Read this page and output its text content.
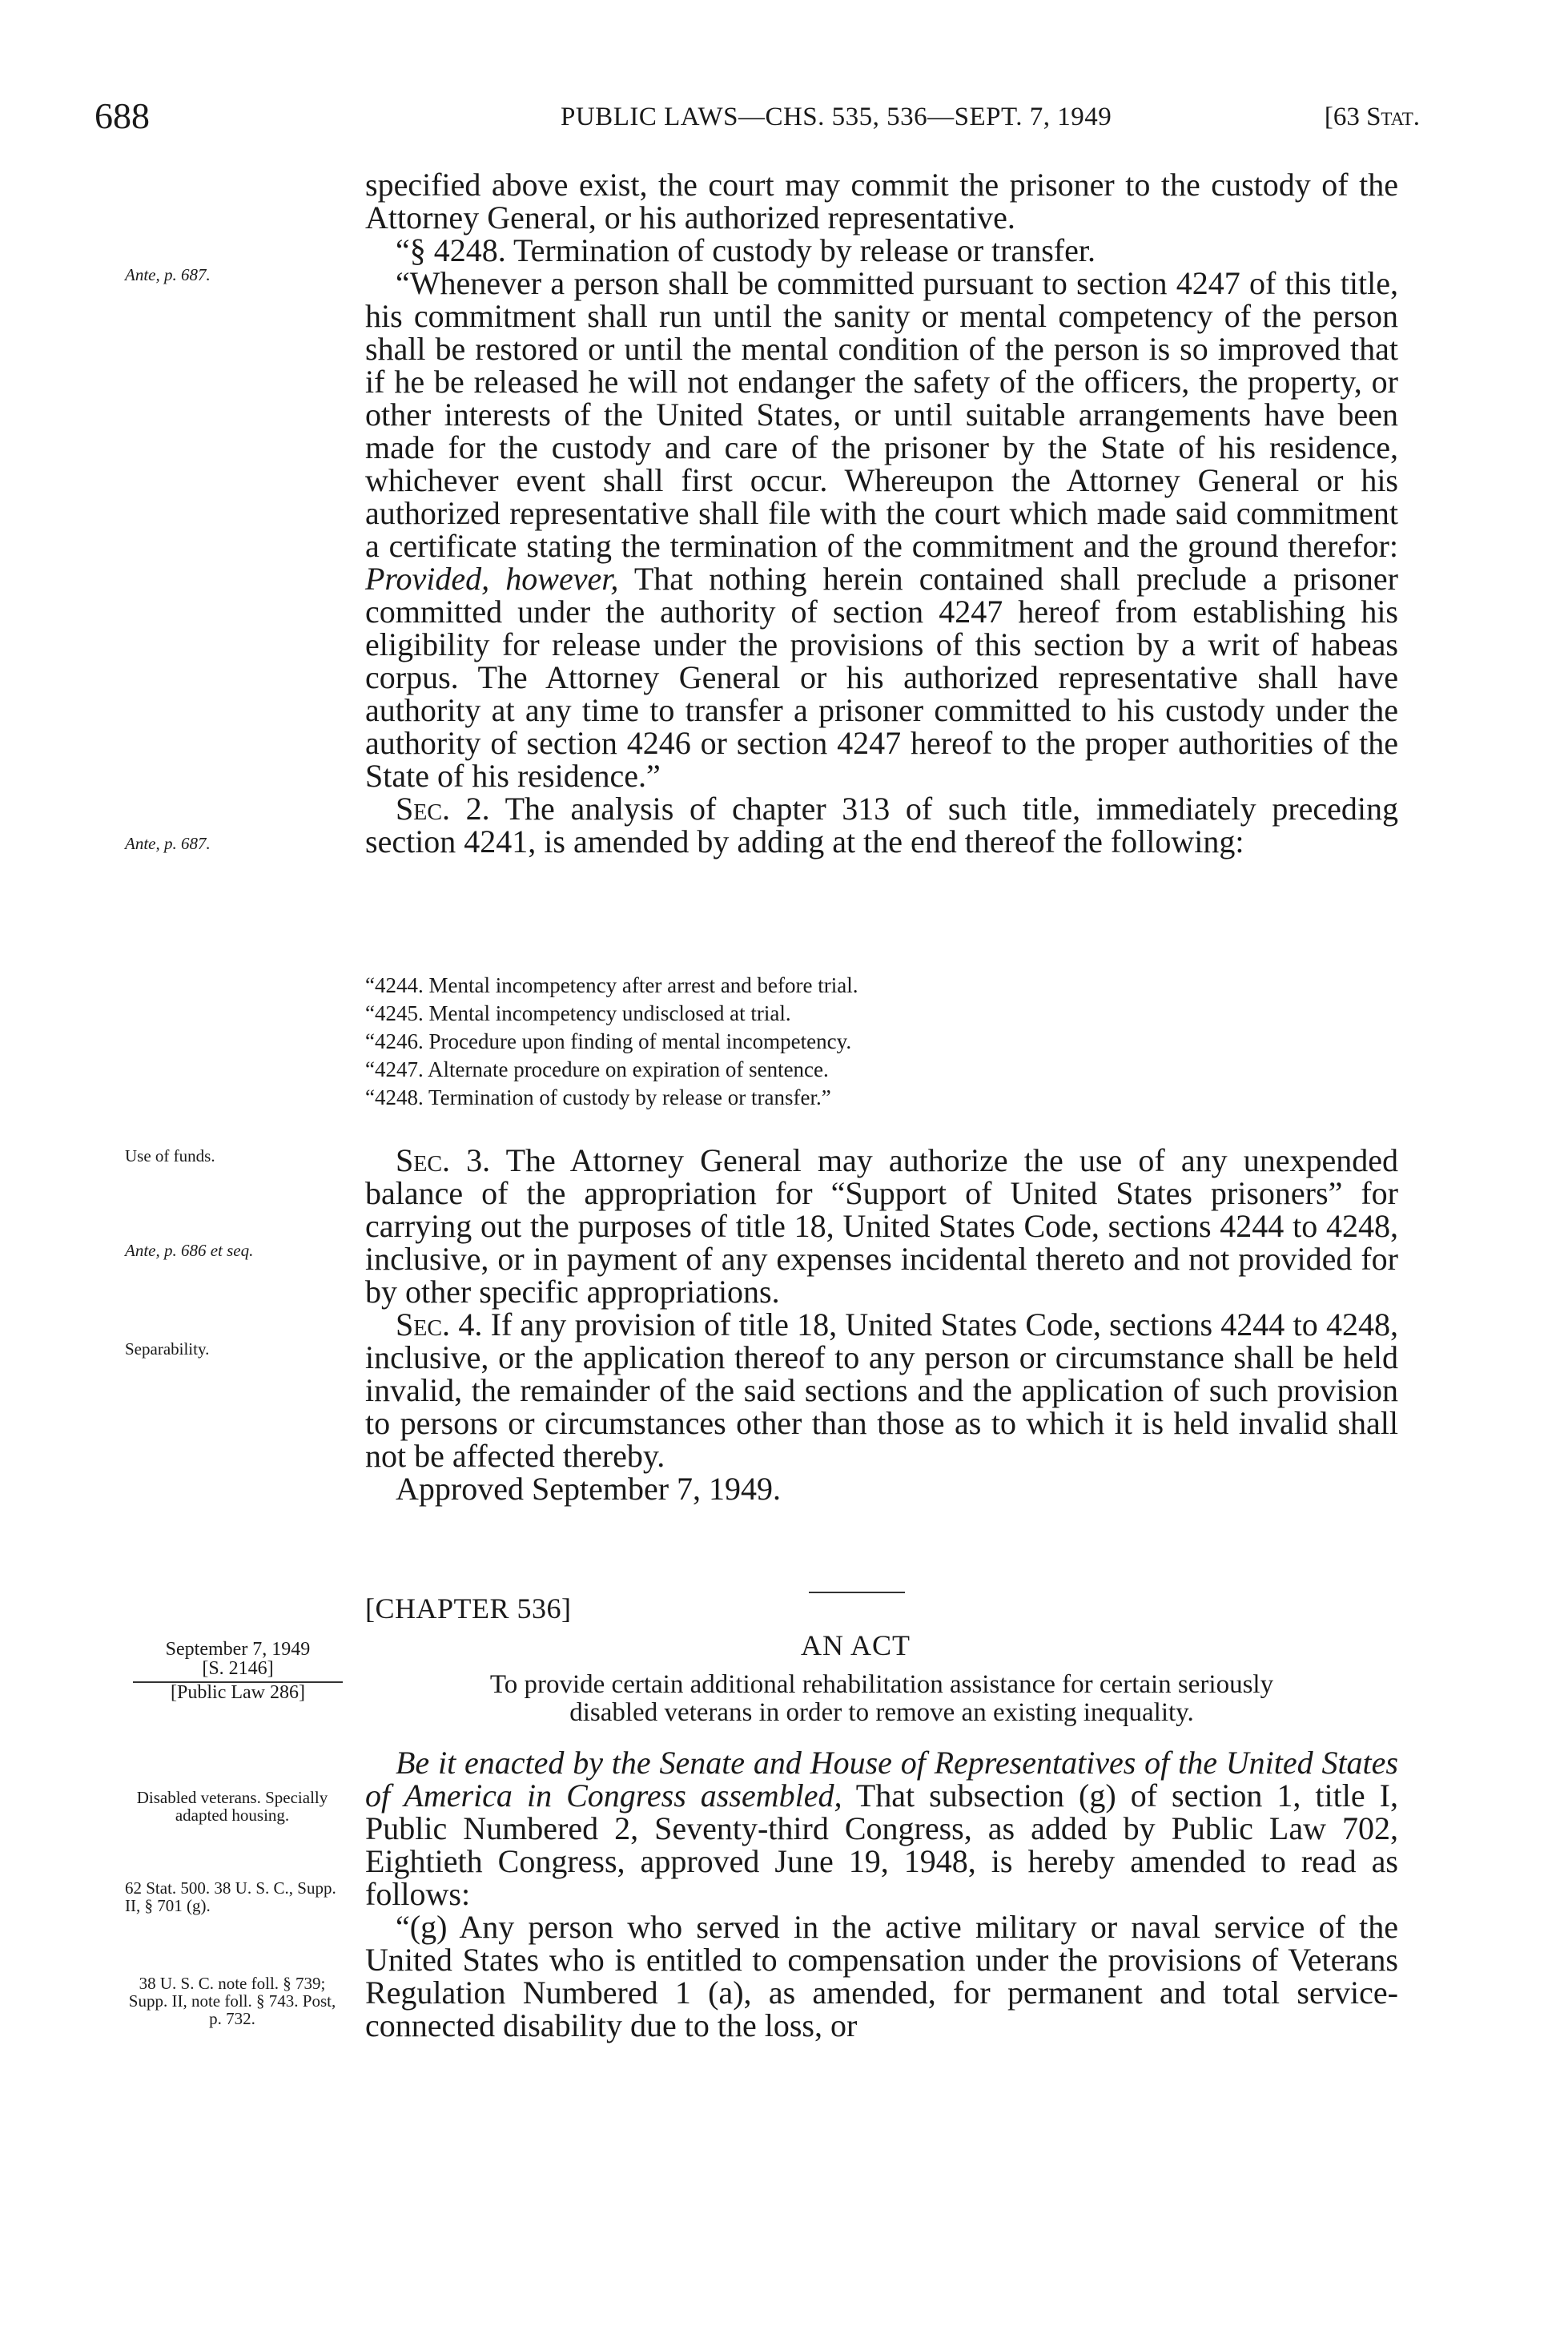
688	PUBLIC LAWS—CHS. 535, 536—SEPT. 7, 1949	[63 Stat.
Ante, p. 687.
Ante, p. 687.
Use of funds.
Ante, p. 686 et seq.
Separability.

specified above exist, the court may commit the prisoner to the custody of the Attorney General, or his authorized representative.

“§ 4248. Termination of custody by release or transfer.

“Whenever a person shall be committed pursuant to section 4247 of this title, his commitment shall run until the sanity or mental competency of the person shall be restored or until the mental condition of the person is so improved that if he be released he will not endanger the safety of the officers, the property, or other interests of the United States, or until suitable arrangements have been made for the custody and care of the prisoner by the State of his residence, whichever event shall first occur. Whereupon the Attorney General or his authorized representative shall file with the court which made said commitment a certificate stating the termination of the commitment and the ground therefor: Provided, however, That nothing herein contained shall preclude a prisoner committed under the authority of section 4247 hereof from establishing his eligibility for release under the provisions of this section by a writ of habeas corpus. The Attorney General or his authorized representative shall have authority at any time to transfer a prisoner committed to his custody under the authority of section 4246 or section 4247 hereof to the proper authorities of the State of his residence.”

Sec. 2. The analysis of chapter 313 of such title, immediately preceding section 4241, is amended by adding at the end thereof the following:

“4244. Mental incompetency after arrest and before trial.
“4245. Mental incompetency undisclosed at trial.
“4246. Procedure upon finding of mental incompetency.
“4247. Alternate procedure on expiration of sentence.
“4248. Termination of custody by release or transfer.”

Sec. 3. The Attorney General may authorize the use of any unexpended balance of the appropriation for “Support of United States prisoners” for carrying out the purposes of title 18, United States Code, sections 4244 to 4248, inclusive, or in payment of any expenses incidental thereto and not provided for by other specific appropriations.

Sec. 4. If any provision of title 18, United States Code, sections 4244 to 4248, inclusive, or the application thereof to any person or circumstance shall be held invalid, the remainder of the said sections and the application of such provision to persons or circumstances other than those as to which it is held invalid shall not be affected thereby.

Approved September 7, 1949.

[CHAPTER 536]
AN ACT
September 7, 1949
[S. 2146]
[Public Law 286]	To provide certain additional rehabilitation assistance for certain seriously
disabled veterans in order to remove an existing inequality.
Disabled veterans. Specially adapted housing.
62 Stat. 500. 38 U. S. C., Supp. II, § 701 (g).
38 U. S. C. note foll. § 739; Supp. II, note foll. § 743. Post, p. 732.

Be it enacted by the Senate and House of Representatives of the United States of America in Congress assembled, That subsection (g) of section 1, title I, Public Numbered 2, Seventy-third Congress, as added by Public Law 702, Eightieth Congress, approved June 19, 1948, is hereby amended to read as follows:

“(g) Any person who served in the active military or naval service of the United States who is entitled to compensation under the provisions of Veterans Regulation Numbered 1 (a), as amended, for permanent and total service-connected disability due to the loss, or
